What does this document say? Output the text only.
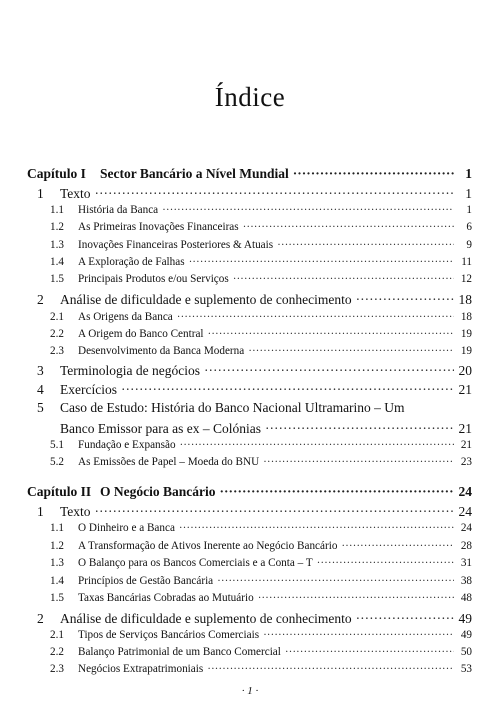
Índice
Capítulo I	Sector Bancário a Nível Mundial ·····	1
1	Texto ·····	1
1.1	História da Banca ·····	1
1.2	As Primeiras Inovações Financeiras ·····	6
1.3	Inovações Financeiras Posteriores & Atuais ·····	9
1.4	A Exploração de Falhas ·····	11
1.5	Principais Produtos e/ou Serviços ·····	12
2	Análise de dificuldade e suplemento de conhecimento ·····	18
2.1	As Origens da Banca ·····	18
2.2	A Origem do Banco Central ·····	19
2.3	Desenvolvimento da Banca Moderna ·····	19
3	Terminologia de negócios ·····	20
4	Exercícios ·····	21
5	Caso de Estudo: História do Banco Nacional Ultramarino – Um
Banco Emissor para as ex – Colónias ·····	21
5.1	Fundação e Expansão ·····	21
5.2	As Emissões de Papel – Moeda do BNU ·····	23
Capítulo II O Negócio Bancário ·····	24
1	Texto ·····	24
1.1	O Dinheiro e a Banca ·····	24
1.2	A Transformação de Ativos Inerente ao Negócio Bancário ·····	28
1.3	O Balanço para os Bancos Comerciais e a Conta – T ·····	31
1.4	Princípios de Gestão Bancária ·····	38
1.5	Taxas Bancárias Cobradas ao Mutuário ·····	48
2	Análise de dificuldade e suplemento de conhecimento ·····	49
2.1	Tipos de Serviços Bancários Comerciais ·····	49
2.2	Balanço Patrimonial de um Banco Comercial ·····	50
2.3	Negócios Extrapatrimoniais ·····	53
· 1 ·
